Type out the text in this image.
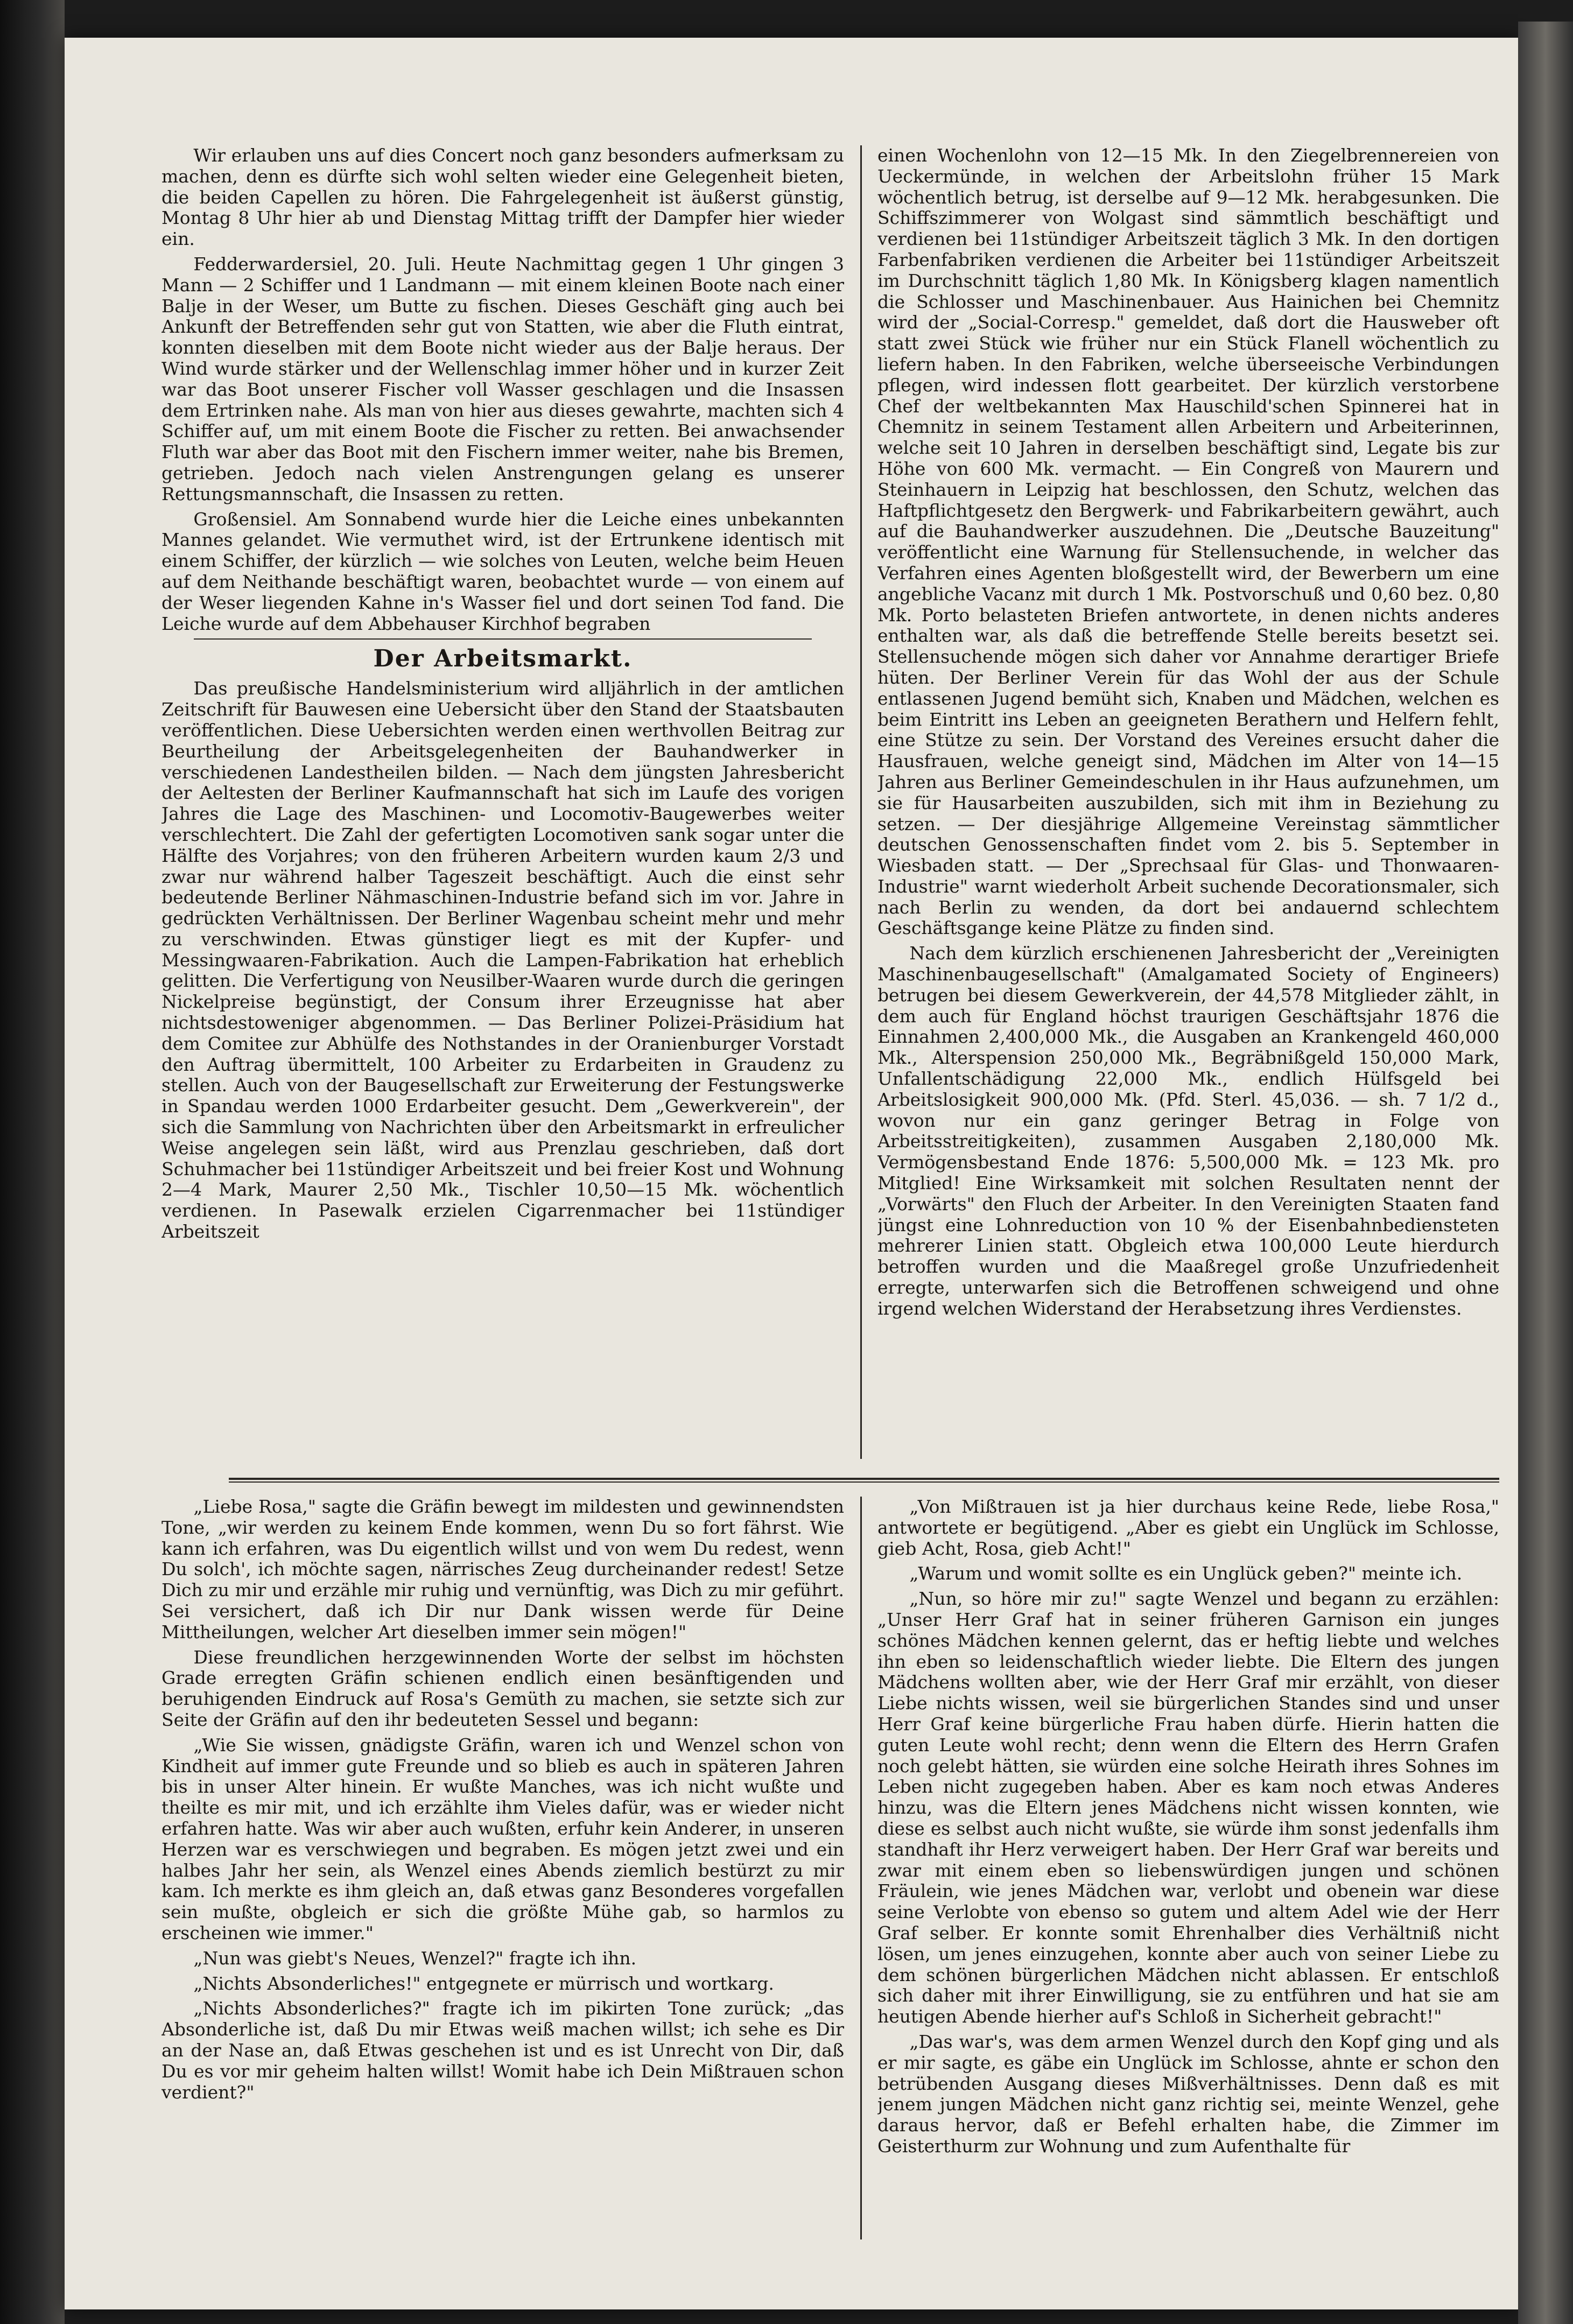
Wir erlauben uns auf dies Concert noch ganz besonders aufmerksam zu machen, denn es dürfte sich wohl selten wieder eine Gelegenheit bieten, die beiden Capellen zu hören. Die Fahrgelegenheit ist äußerst günstig, Montag 8 Uhr hier ab und Dienstag Mittag trifft der Dampfer hier wieder ein.

Fedderwardersiel, 20. Juli. Heute Nachmittag gegen 1 Uhr gingen 3 Mann — 2 Schiffer und 1 Landmann — mit einem kleinen Boote nach einer Balje in der Weser, um Butte zu fischen. Dieses Geschäft ging auch bei Ankunft der Betreffenden sehr gut von Statten, wie aber die Fluth eintrat, konnten dieselben mit dem Boote nicht wieder aus der Balje heraus. Der Wind wurde stärker und der Wellenschlag immer höher und in kurzer Zeit war das Boot unserer Fischer voll Wasser geschlagen und die Insassen dem Ertrinken nahe. Als man von hier aus dieses gewahrte, machten sich 4 Schiffer auf, um mit einem Boote die Fischer zu retten. Bei anwachsender Fluth war aber das Boot mit den Fischern immer weiter, nahe bis Bremen, getrieben. Jedoch nach vielen Anstrengungen gelang es unserer Rettungsmannschaft, die Insassen zu retten.

Großensiel. Am Sonnabend wurde hier die Leiche eines unbekannten Mannes gelandet. Wie vermuthet wird, ist der Ertrunkene identisch mit einem Schiffer, der kürzlich — wie solches von Leuten, welche beim Heuen auf dem Neithande beschäftigt waren, beobachtet wurde — von einem auf der Weser liegenden Kahne in's Wasser fiel und dort seinen Tod fand. Die Leiche wurde auf dem Abbehauser Kirchhof begraben

Der Arbeitsmarkt.

Das preußische Handelsministerium wird alljährlich in der amtlichen Zeitschrift für Bauwesen eine Uebersicht über den Stand der Staatsbauten veröffentlichen. Diese Uebersichten werden einen werthvollen Beitrag zur Beurtheilung der Arbeitsgelegenheiten der Bauhandwerker in verschiedenen Landestheilen bilden. — Nach dem jüngsten Jahresbericht der Aeltesten der Berliner Kaufmannschaft hat sich im Laufe des vorigen Jahres die Lage des Maschinen- und Locomotiv-Baugewerbes weiter verschlechtert. Die Zahl der gefertigten Locomotiven sank sogar unter die Hälfte des Vorjahres; von den früheren Arbeitern wurden kaum 2/3 und zwar nur während halber Tageszeit beschäftigt. Auch die einst sehr bedeutende Berliner Nähmaschinen-Industrie befand sich im vor. Jahre in gedrückten Verhältnissen. Der Berliner Wagenbau scheint mehr und mehr zu verschwinden. Etwas günstiger liegt es mit der Kupfer- und Messingwaaren-Fabrikation. Auch die Lampen-Fabrikation hat erheblich gelitten. Die Verfertigung von Neusilber-Waaren wurde durch die geringen Nickelpreise begünstigt, der Consum ihrer Erzeugnisse hat aber nichtsdestoweniger abgenommen. — Das Berliner Polizei-Präsidium hat dem Comitee zur Abhülfe des Nothstandes in der Oranienburger Vorstadt den Auftrag übermittelt, 100 Arbeiter zu Erdarbeiten in Graudenz zu stellen. Auch von der Baugesellschaft zur Erweiterung der Festungswerke in Spandau werden 1000 Erdarbeiter gesucht. Dem „Gewerkverein", der sich die Sammlung von Nachrichten über den Arbeitsmarkt in erfreulicher Weise angelegen sein läßt, wird aus Prenzlau geschrieben, daß dort Schuhmacher bei 11stündiger Arbeitszeit und bei freier Kost und Wohnung 2—4 Mark, Maurer 2,50 Mk., Tischler 10,50—15 Mk. wöchentlich verdienen. In Pasewalk erzielen Cigarrenmacher bei 11stündiger Arbeitszeit

einen Wochenlohn von 12—15 Mk. In den Ziegelbrennereien von Ueckermünde, in welchen der Arbeitslohn früher 15 Mark wöchentlich betrug, ist derselbe auf 9—12 Mk. herabgesunken. Die Schiffszimmerer von Wolgast sind sämmtlich beschäftigt und verdienen bei 11stündiger Arbeitszeit täglich 3 Mk. In den dortigen Farbenfabriken verdienen die Arbeiter bei 11stündiger Arbeitszeit im Durchschnitt täglich 1,80 Mk. In Königsberg klagen namentlich die Schlosser und Maschinenbauer. Aus Hainichen bei Chemnitz wird der „Social-Corresp." gemeldet, daß dort die Hausweber oft statt zwei Stück wie früher nur ein Stück Flanell wöchentlich zu liefern haben. In den Fabriken, welche überseeische Verbindungen pflegen, wird indessen flott gearbeitet. Der kürzlich verstorbene Chef der weltbekannten Max Hauschild'schen Spinnerei hat in Chemnitz in seinem Testament allen Arbeitern und Arbeiterinnen, welche seit 10 Jahren in derselben beschäftigt sind, Legate bis zur Höhe von 600 Mk. vermacht. — Ein Congreß von Maurern und Steinhauern in Leipzig hat beschlossen, den Schutz, welchen das Haftpflichtgesetz den Bergwerk- und Fabrikarbeitern gewährt, auch auf die Bauhandwerker auszudehnen. Die „Deutsche Bauzeitung" veröffentlicht eine Warnung für Stellensuchende, in welcher das Verfahren eines Agenten bloßgestellt wird, der Bewerbern um eine angebliche Vacanz mit durch 1 Mk. Postvorschuß und 0,60 bez. 0,80 Mk. Porto belasteten Briefen antwortete, in denen nichts anderes enthalten war, als daß die betreffende Stelle bereits besetzt sei. Stellensuchende mögen sich daher vor Annahme derartiger Briefe hüten. Der Berliner Verein für das Wohl der aus der Schule entlassenen Jugend bemüht sich, Knaben und Mädchen, welchen es beim Eintritt ins Leben an geeigneten Berathern und Helfern fehlt, eine Stütze zu sein. Der Vorstand des Vereines ersucht daher die Hausfrauen, welche geneigt sind, Mädchen im Alter von 14—15 Jahren aus Berliner Gemeindeschulen in ihr Haus aufzunehmen, um sie für Hausarbeiten auszubilden, sich mit ihm in Beziehung zu setzen. — Der diesjährige Allgemeine Vereinstag sämmtlicher deutschen Genossenschaften findet vom 2. bis 5. September in Wiesbaden statt. — Der „Sprechsaal für Glas- und Thonwaaren-Industrie" warnt wiederholt Arbeit suchende Decorationsmaler, sich nach Berlin zu wenden, da dort bei andauernd schlechtem Geschäftsgange keine Plätze zu finden sind.

Nach dem kürzlich erschienenen Jahresbericht der „Vereinigten Maschinenbaugesellschaft" (Amalgamated Society of Engineers) betrugen bei diesem Gewerkverein, der 44,578 Mitglieder zählt, in dem auch für England höchst traurigen Geschäftsjahr 1876 die Einnahmen 2,400,000 Mk., die Ausgaben an Krankengeld 460,000 Mk., Alterspension 250,000 Mk., Begräbnißgeld 150,000 Mark, Unfallentschädigung 22,000 Mk., endlich Hülfsgeld bei Arbeitslosigkeit 900,000 Mk. (Pfd. Sterl. 45,036. — sh. 7 1/2 d., wovon nur ein ganz geringer Betrag in Folge von Arbeitsstreitigkeiten), zusammen Ausgaben 2,180,000 Mk. Vermögensbestand Ende 1876: 5,500,000 Mk. = 123 Mk. pro Mitglied! Eine Wirksamkeit mit solchen Resultaten nennt der „Vorwärts" den Fluch der Arbeiter. In den Vereinigten Staaten fand jüngst eine Lohnreduction von 10 % der Eisenbahnbediensteten mehrerer Linien statt. Obgleich etwa 100,000 Leute hierdurch betroffen wurden und die Maaßregel große Unzufriedenheit erregte, unterwarfen sich die Betroffenen schweigend und ohne irgend welchen Widerstand der Herabsetzung ihres Verdienstes.

„Liebe Rosa," sagte die Gräfin bewegt im mildesten und gewinnendsten Tone, „wir werden zu keinem Ende kommen, wenn Du so fort fährst. Wie kann ich erfahren, was Du eigentlich willst und von wem Du redest, wenn Du solch', ich möchte sagen, närrisches Zeug durcheinander redest! Setze Dich zu mir und erzähle mir ruhig und vernünftig, was Dich zu mir geführt. Sei versichert, daß ich Dir nur Dank wissen werde für Deine Mittheilungen, welcher Art dieselben immer sein mögen!"

Diese freundlichen herzgewinnenden Worte der selbst im höchsten Grade erregten Gräfin schienen endlich einen besänftigenden und beruhigenden Eindruck auf Rosa's Gemüth zu machen, sie setzte sich zur Seite der Gräfin auf den ihr bedeuteten Sessel und begann:

„Wie Sie wissen, gnädigste Gräfin, waren ich und Wenzel schon von Kindheit auf immer gute Freunde und so blieb es auch in späteren Jahren bis in unser Alter hinein. Er wußte Manches, was ich nicht wußte und theilte es mir mit, und ich erzählte ihm Vieles dafür, was er wieder nicht erfahren hatte. Was wir aber auch wußten, erfuhr kein Anderer, in unseren Herzen war es verschwiegen und begraben. Es mögen jetzt zwei und ein halbes Jahr her sein, als Wenzel eines Abends ziemlich bestürzt zu mir kam. Ich merkte es ihm gleich an, daß etwas ganz Besonderes vorgefallen sein mußte, obgleich er sich die größte Mühe gab, so harmlos zu erscheinen wie immer."

„Nun was giebt's Neues, Wenzel?" fragte ich ihn.

„Nichts Absonderliches!" entgegnete er mürrisch und wortkarg.

„Nichts Absonderliches?" fragte ich im pikirten Tone zurück; „das Absonderliche ist, daß Du mir Etwas weiß machen willst; ich sehe es Dir an der Nase an, daß Etwas geschehen ist und es ist Unrecht von Dir, daß Du es vor mir geheim halten willst! Womit habe ich Dein Mißtrauen schon verdient?"

„Von Mißtrauen ist ja hier durchaus keine Rede, liebe Rosa," antwortete er begütigend. „Aber es giebt ein Unglück im Schlosse, gieb Acht, Rosa, gieb Acht!"

„Warum und womit sollte es ein Unglück geben?" meinte ich.

„Nun, so höre mir zu!" sagte Wenzel und begann zu erzählen: „Unser Herr Graf hat in seiner früheren Garnison ein junges schönes Mädchen kennen gelernt, das er heftig liebte und welches ihn eben so leidenschaftlich wieder liebte. Die Eltern des jungen Mädchens wollten aber, wie der Herr Graf mir erzählt, von dieser Liebe nichts wissen, weil sie bürgerlichen Standes sind und unser Herr Graf keine bürgerliche Frau haben dürfe. Hierin hatten die guten Leute wohl recht; denn wenn die Eltern des Herrn Grafen noch gelebt hätten, sie würden eine solche Heirath ihres Sohnes im Leben nicht zugegeben haben. Aber es kam noch etwas Anderes hinzu, was die Eltern jenes Mädchens nicht wissen konnten, wie diese es selbst auch nicht wußte, sie würde ihm sonst jedenfalls ihm standhaft ihr Herz verweigert haben. Der Herr Graf war bereits und zwar mit einem eben so liebenswürdigen jungen und schönen Fräulein, wie jenes Mädchen war, verlobt und obenein war diese seine Verlobte von ebenso so gutem und altem Adel wie der Herr Graf selber. Er konnte somit Ehrenhalber dies Verhältniß nicht lösen, um jenes einzugehen, konnte aber auch von seiner Liebe zu dem schönen bürgerlichen Mädchen nicht ablassen. Er entschloß sich daher mit ihrer Einwilligung, sie zu entführen und hat sie am heutigen Abende hierher auf's Schloß in Sicherheit gebracht!"

„Das war's, was dem armen Wenzel durch den Kopf ging und als er mir sagte, es gäbe ein Unglück im Schlosse, ahnte er schon den betrübenden Ausgang dieses Mißverhältnisses. Denn daß es mit jenem jungen Mädchen nicht ganz richtig sei, meinte Wenzel, gehe daraus hervor, daß er Befehl erhalten habe, die Zimmer im Geisterthurm zur Wohnung und zum Aufenthalte für
